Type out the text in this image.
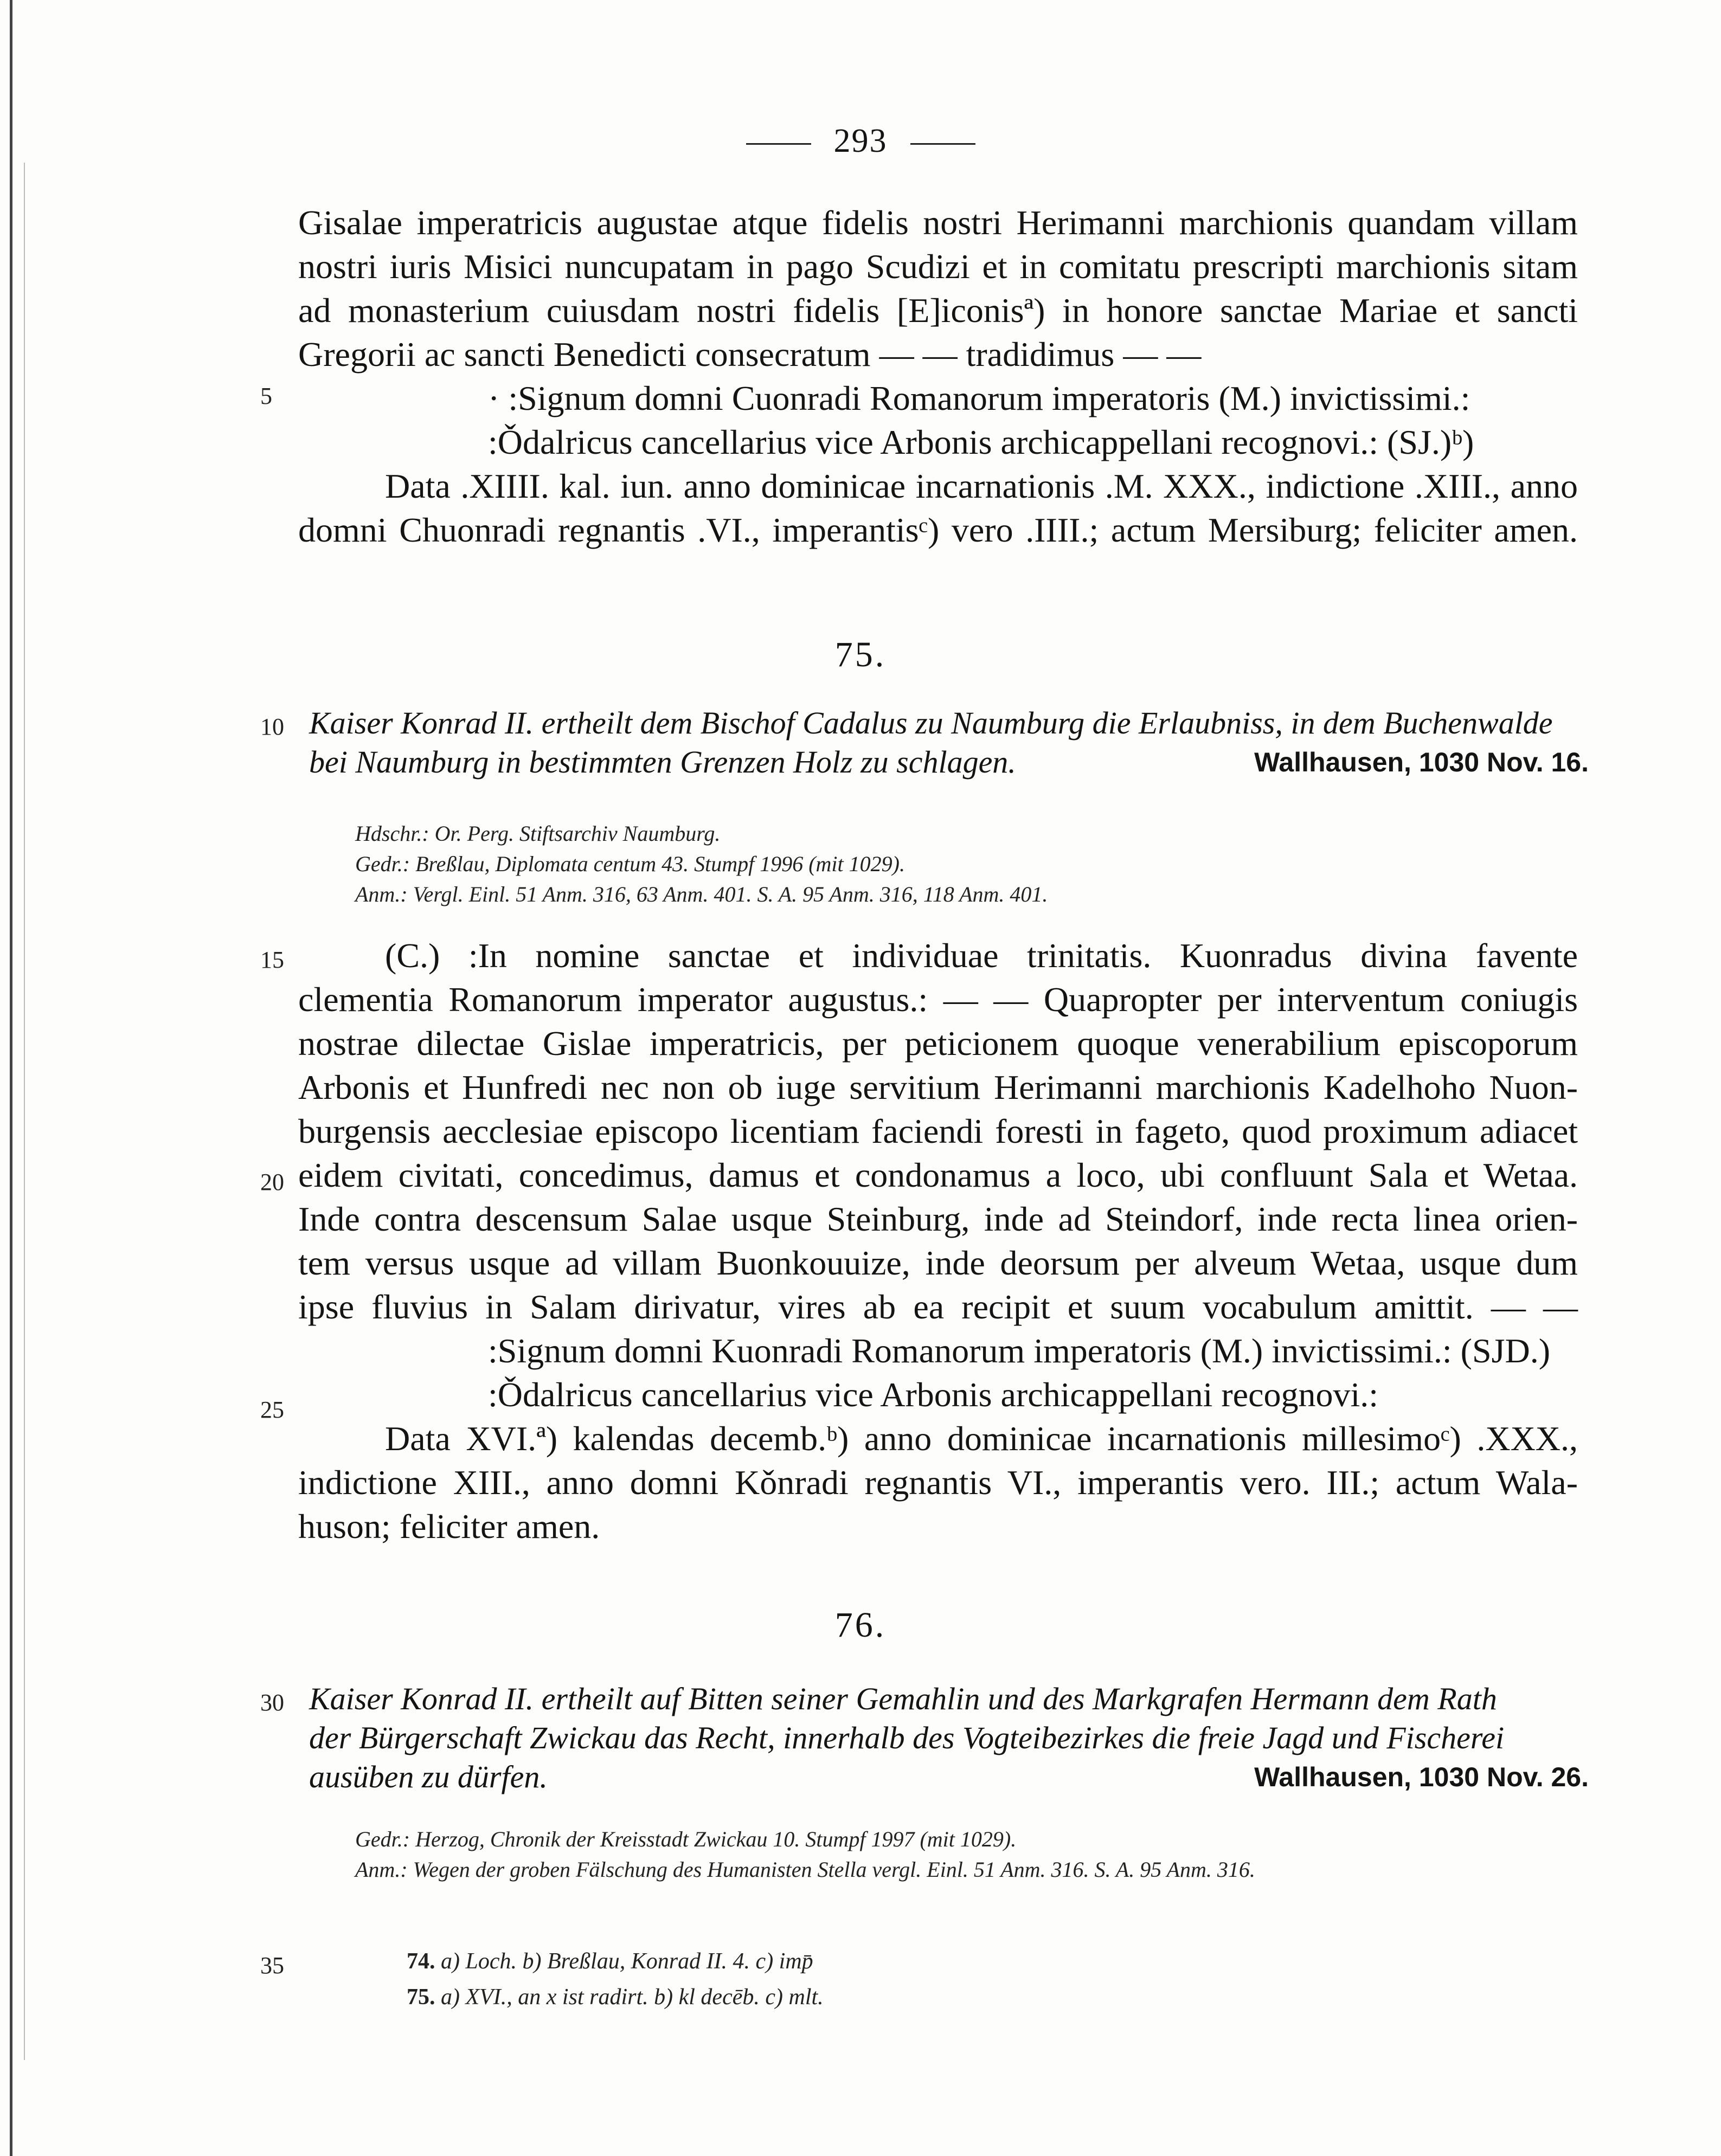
293
Gisalae imperatricis augustae atque fidelis nostri Herimanni marchionis quandam villam
nostri iuris Misici nuncupatam in pago Scudizi et in comitatu prescripti marchionis sitam
ad monasterium cuiusdam nostri fidelis [E]iconisª) in honore sanctae Mariae et sancti
Gregorii ac sancti Benedicti consecratum — — tradidimus — —
· :Signum domni Cuonradi Romanorum imperatoris (M.) invictissimi.:
:Ǒdalricus cancellarius vice Arbonis archicappellani recognovi.: (SJ.)ᵇ)
Data .XIIII. kal. iun. anno dominicae incarnationis .M. XXX., indictione .XIII., anno
domni Chuonradi regnantis .VI., imperantisᶜ) vero .IIII.; actum Mersiburg; feliciter amen.
5
75.
10 Kaiser Konrad II. ertheilt dem Bischof Cadalus zu Naumburg die Erlaubniss, in dem Buchenwalde
bei Naumburg in bestimmten Grenzen Holz zu schlagen.	Wallhausen, 1030 Nov. 16.
Hdschr.: Or. Perg. Stiftsarchiv Naumburg.
Gedr.: Breßlau, Diplomata centum 43. Stumpf 1996 (mit 1029).
Anm.: Vergl. Einl. 51 Anm. 316, 63 Anm. 401. S. A. 95 Anm. 316, 118 Anm. 401.
15
20
25
(C.) :In nomine sanctae et individuae trinitatis. Kuonradus divina favente
clementia Romanorum imperator augustus.: — — Quapropter per interventum coniugis
nostrae dilectae Gislae imperatricis, per peticionem quoque venerabilium episcoporum
Arbonis et Hunfredi nec non ob iuge servitium Herimanni marchionis Kadelhoho Nuon-
burgensis aecclesiae episcopo licentiam faciendi foresti in fageto, quod proximum adiacet
eidem civitati, concedimus, damus et condonamus a loco, ubi confluunt Sala et Wetaa.
Inde contra descensum Salae usque Steinburg, inde ad Steindorf, inde recta linea orien-
tem versus usque ad villam Buonkouuize, inde deorsum per alveum Wetaa, usque dum
ipse fluvius in Salam dirivatur, vires ab ea recipit et suum vocabulum amittit. — —
:Signum domni Kuonradi Romanorum imperatoris (M.) invictissimi.: (SJD.)
:Ǒdalricus cancellarius vice Arbonis archicappellani recognovi.:
Data XVI.ª) kalendas decemb.ᵇ) anno dominicae incarnationis millesimoᶜ) .XXX.,
indictione XIII., anno domni Kǒnradi regnantis VI., imperantis vero. III.; actum Wala-
huson; feliciter amen.
76.
30 Kaiser Konrad II. ertheilt auf Bitten seiner Gemahlin und des Markgrafen Hermann dem Rath
der Bürgerschaft Zwickau das Recht, innerhalb des Vogteibezirkes die freie Jagd und Fischerei
ausüben zu dürfen.	Wallhausen, 1030 Nov. 26.
Gedr.: Herzog, Chronik der Kreisstadt Zwickau 10. Stumpf 1997 (mit 1029).
Anm.: Wegen der groben Fälschung des Humanisten Stella vergl. Einl. 51 Anm. 316. S. A. 95 Anm. 316.
35	74. a) Loch. b) Breßlau, Konrad II. 4. c) imp̄
75. a) XVI., an x ist radirt. b) kl decēb. c) mlt.
